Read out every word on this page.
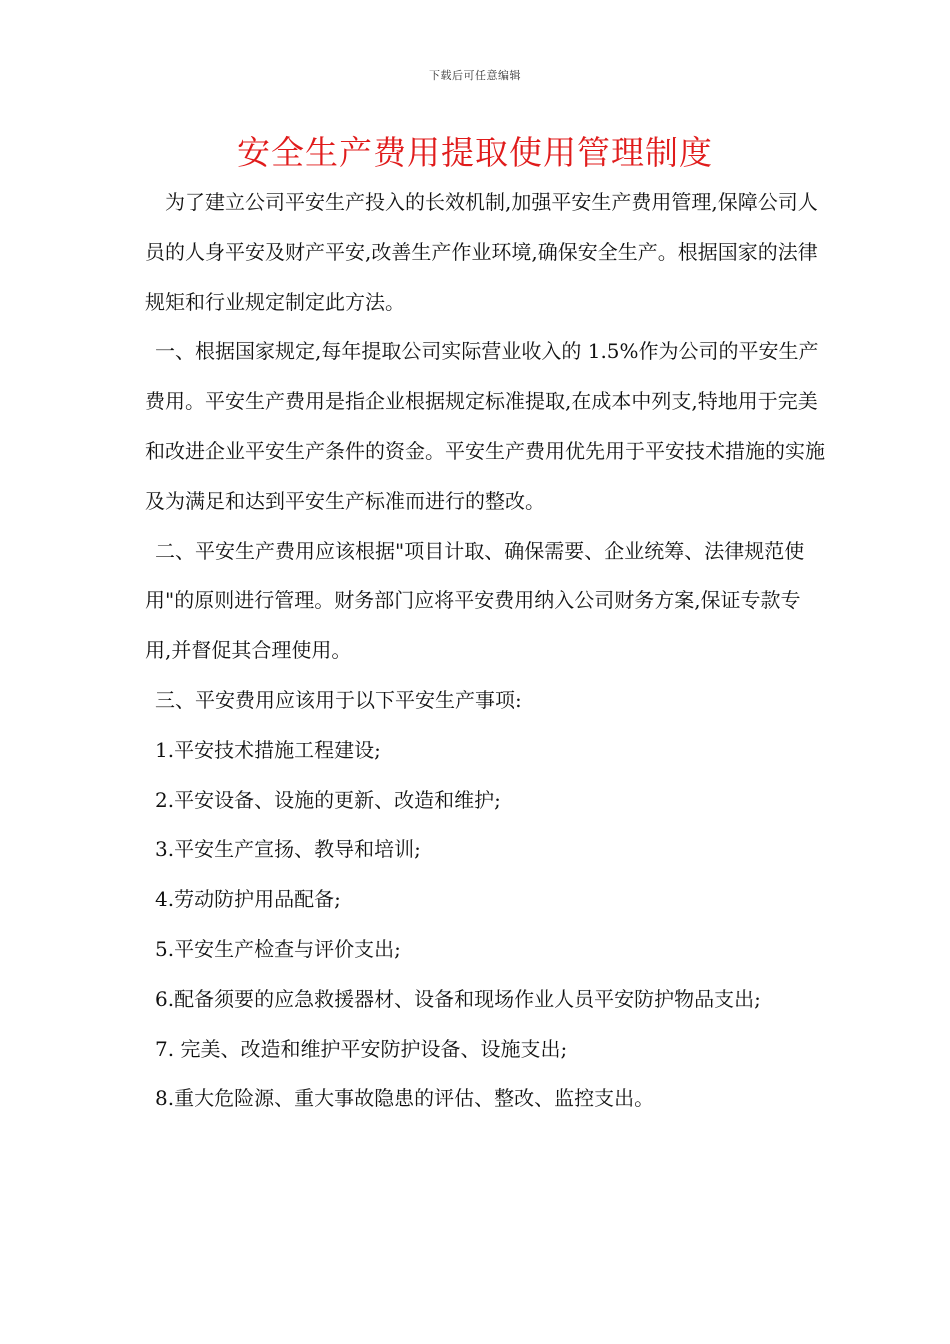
下载后可任意编辑
安全生产费用提取使用管理制度

为了建立公司平安生产投入的长效机制,加强平安生产费用管理,保障公司人员的人身平安及财产平安,改善生产作业环境,确保安全生产。根据国家的法律规矩和行业规定制定此方法。

一、根据国家规定,每年提取公司实际营业收入的 1.5%作为公司的平安生产费用。平安生产费用是指企业根据规定标准提取,在成本中列支,特地用于完美和改进企业平安生产条件的资金。平安生产费用优先用于平安技术措施的实施及为满足和达到平安生产标准而进行的整改。

二、平安生产费用应该根据"项目计取、确保需要、企业统筹、法律规范使用"的原则进行管理。财务部门应将平安费用纳入公司财务方案,保证专款专用,并督促其合理使用。

三、平安费用应该用于以下平安生产事项:

1.平安技术措施工程建设;

2.平安设备、设施的更新、改造和维护;

3.平安生产宣扬、教导和培训;

4.劳动防护用品配备;

5.平安生产检查与评价支出;

6.配备须要的应急救援器材、设备和现场作业人员平安防护物品支出;

7. 完美、改造和维护平安防护设备、设施支出;

8.重大危险源、重大事故隐患的评估、整改、监控支出。
